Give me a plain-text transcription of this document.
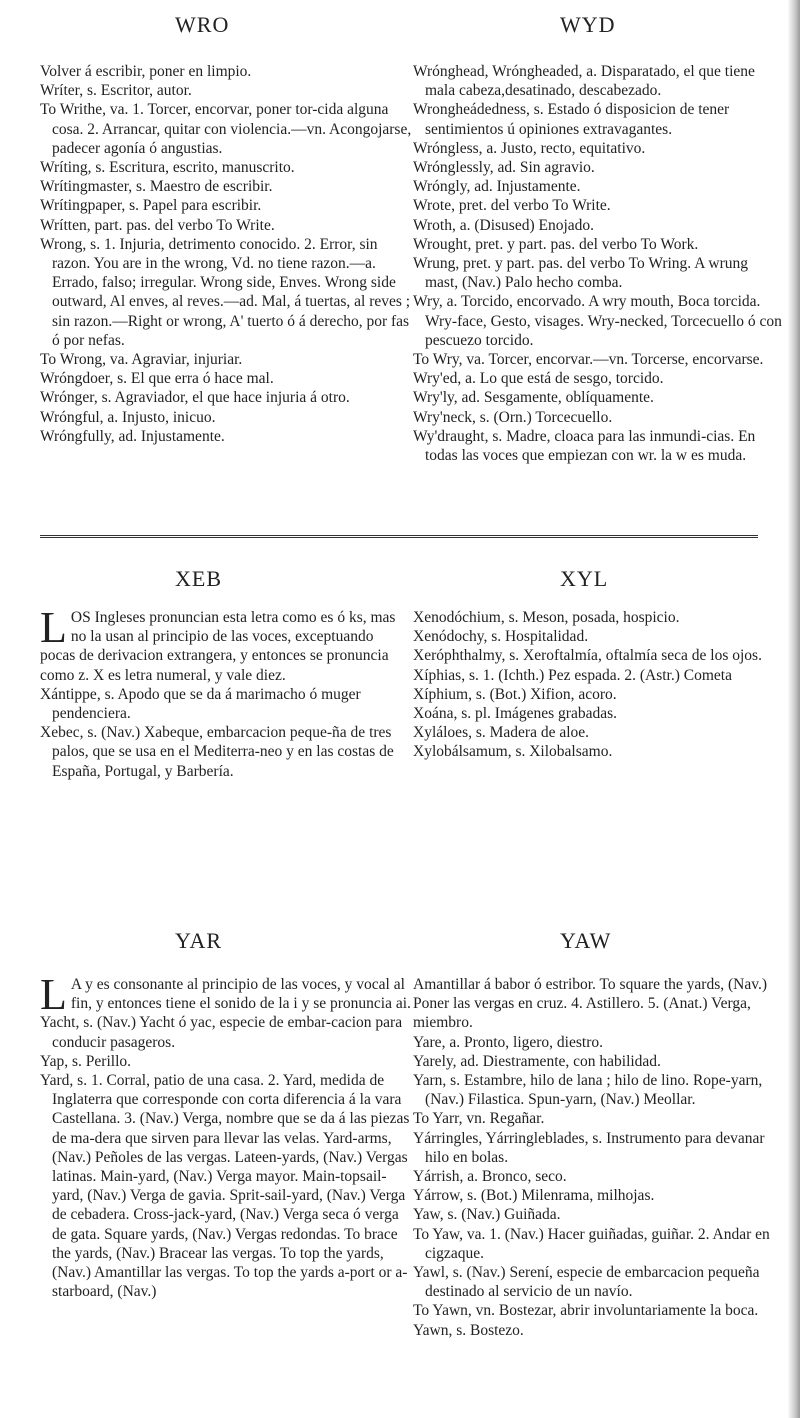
WRO	WYD

Volver á escribir, poner en limpio.

Wríter, s. Escritor, autor.

To Writhe, va. 1. Torcer, encorvar, poner tor-cida alguna cosa. 2. Arrancar, quitar con violencia.—vn. Acongojarse, padecer agonía ó angustias.

Wríting, s. Escritura, escrito, manuscrito.

Wrítingmaster, s. Maestro de escribir.

Wrítingpaper, s. Papel para escribir.

Wrítten, part. pas. del verbo To Write.

Wrong, s. 1. Injuria, detrimento conocido. 2. Error, sin razon. You are in the wrong, Vd. no tiene razon.—a. Errado, falso; irregular. Wrong side, Enves. Wrong side outward, Al enves, al reves.—ad. Mal, á tuertas, al reves ; sin razon.—Right or wrong, A' tuerto ó á derecho, por fas ó por nefas.

To Wrong, va. Agraviar, injuriar.

Wróngdoer, s. El que erra ó hace mal.

Wrónger, s. Agraviador, el que hace injuria á otro.

Wróngful, a. Injusto, inicuo.

Wróngfully, ad. Injustamente.

Wrónghead, Wróngheaded, a. Disparatado, el que tiene mala cabeza,desatinado, descabezado.

Wrongheádedness, s. Estado ó disposicion de tener sentimientos ú opiniones extravagantes.

Wróngless, a. Justo, recto, equitativo.

Wrónglessly, ad. Sin agravio.

Wróngly, ad. Injustamente.

Wrote, pret. del verbo To Write.

Wroth, a. (Disused) Enojado.

Wrought, pret. y part. pas. del verbo To Work.

Wrung, pret. y part. pas. del verbo To Wring. A wrung mast, (Nav.) Palo hecho comba.

Wry, a. Torcido, encorvado. A wry mouth, Boca torcida. Wry-face, Gesto, visages. Wry-necked, Torcecuello ó con pescuezo torcido.

To Wry, va. Torcer, encorvar.—vn. Torcerse, encorvarse.

Wry'ed, a. Lo que está de sesgo, torcido.

Wry'ly, ad. Sesgamente, oblíquamente.

Wry'neck, s. (Orn.) Torcecuello.

Wy'draught, s. Madre, cloaca para las inmundi-cias. En todas las voces que empiezan con wr. la w es muda.

XEB	XYL

LOS Ingleses pronuncian esta letra como es ó ks, mas no la usan al principio de las voces, exceptuando pocas de derivacion extrangera, y entonces se pronuncia como z. X es letra numeral, y vale diez.

Xántippe, s. Apodo que se da á marimacho ó muger pendenciera.

Xebec, s. (Nav.) Xabeque, embarcacion peque-ña de tres palos, que se usa en el Mediterra-neo y en las costas de España, Portugal, y Barbería.

Xenodóchium, s. Meson, posada, hospicio.

Xenódochy, s. Hospitalidad.

Xeróphthalmy, s. Xeroftalmía, oftalmía seca de los ojos.

Xíphias, s. 1. (Ichth.) Pez espada. 2. (Astr.) Cometa

Xíphium, s. (Bot.) Xifion, acoro.

Xoána, s. pl. Imágenes grabadas.

Xyláloes, s. Madera de aloe.

Xylobálsamum, s. Xilobalsamo.

YAR	YAW

L A y es consonante al principio de las voces, y vocal al fin, y entonces tiene el sonido de la i y se pronuncia ai.

Yacht, s. (Nav.) Yacht ó yac, especie de embar-cacion para conducir pasageros.

Yap, s. Perillo.

Yard, s. 1. Corral, patio de una casa. 2. Yard, medida de Inglaterra que corresponde con corta diferencia á la vara Castellana. 3. (Nav.) Verga, nombre que se da á las piezas de ma-dera que sirven para llevar las velas. Yard-arms, (Nav.) Peñoles de las vergas. Lateen-yards, (Nav.) Vergas latinas. Main-yard, (Nav.) Verga mayor. Main-topsail-yard, (Nav.) Verga de gavia. Sprit-sail-yard, (Nav.) Verga de cebadera. Cross-jack-yard, (Nav.) Verga seca ó verga de gata. Square yards, (Nav.) Vergas redondas. To brace the yards, (Nav.) Bracear las vergas. To top the yards, (Nav.) Amantillar las vergas. To top the yards a-port or a-starboard, (Nav.)

Amantillar á babor ó estribor. To square the yards, (Nav.) Poner las vergas en cruz. 4. Astillero. 5. (Anat.) Verga, miembro.

Yare, a. Pronto, ligero, diestro.

Yarely, ad. Diestramente, con habilidad.

Yarn, s. Estambre, hilo de lana ; hilo de lino. Rope-yarn, (Nav.) Filastica. Spun-yarn, (Nav.) Meollar.

To Yarr, vn. Regañar.

Yárringles, Yárringleblades, s. Instrumento para devanar hilo en bolas.

Yárrish, a. Bronco, seco.

Yárrow, s. (Bot.) Milenrama, milhojas.

Yaw, s. (Nav.) Guiñada.

To Yaw, va. 1. (Nav.) Hacer guiñadas, guiñar. 2. Andar en cigzaque.

Yawl, s. (Nav.) Serení, especie de embarcacion pequeña destinado al servicio de un navío.

To Yawn, vn. Bostezar, abrir involuntariamente la boca.

Yawn, s. Bostezo.
